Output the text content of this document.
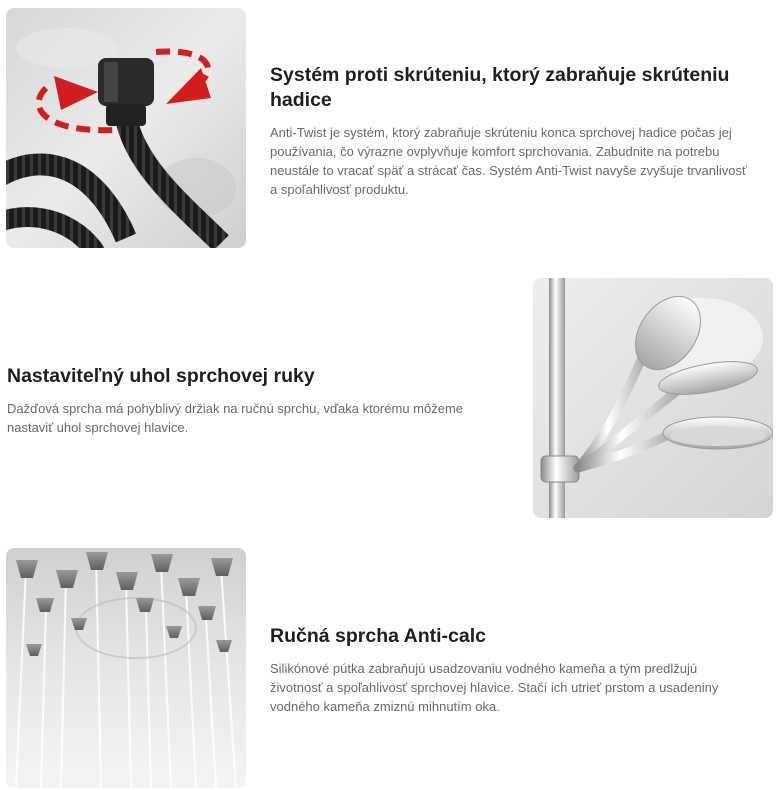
Systém proti skrúteniu, ktorý zabraňuje skrúteniu hadice

Anti-Twist je systém, ktorý zabraňuje skrúteniu konca sprchovej hadice počas jej používania, čo výrazne ovplyvňuje komfort sprchovania. Zabudnite na potrebu neustále to vracať späť a strácať čas. Systém Anti-Twist navyše zvyšuje trvanlivosť a spoľahlivosť produktu.

Nastaviteľný uhol sprchovej ruky

Dažďová sprcha má pohyblivý držiak na ručnú sprchu, vďaka ktorému môžeme nastaviť uhol sprchovej hlavice.

Ručná sprcha Anti-calc

Silikónové pútka zabraňujú usadzovaniu vodného kameňa a tým predlžujú životnosť a spoľahlivosť sprchovej hlavice. Stačí ich utrieť prstom a usadeniny vodného kameňa zmiznú mihnutím oka.
